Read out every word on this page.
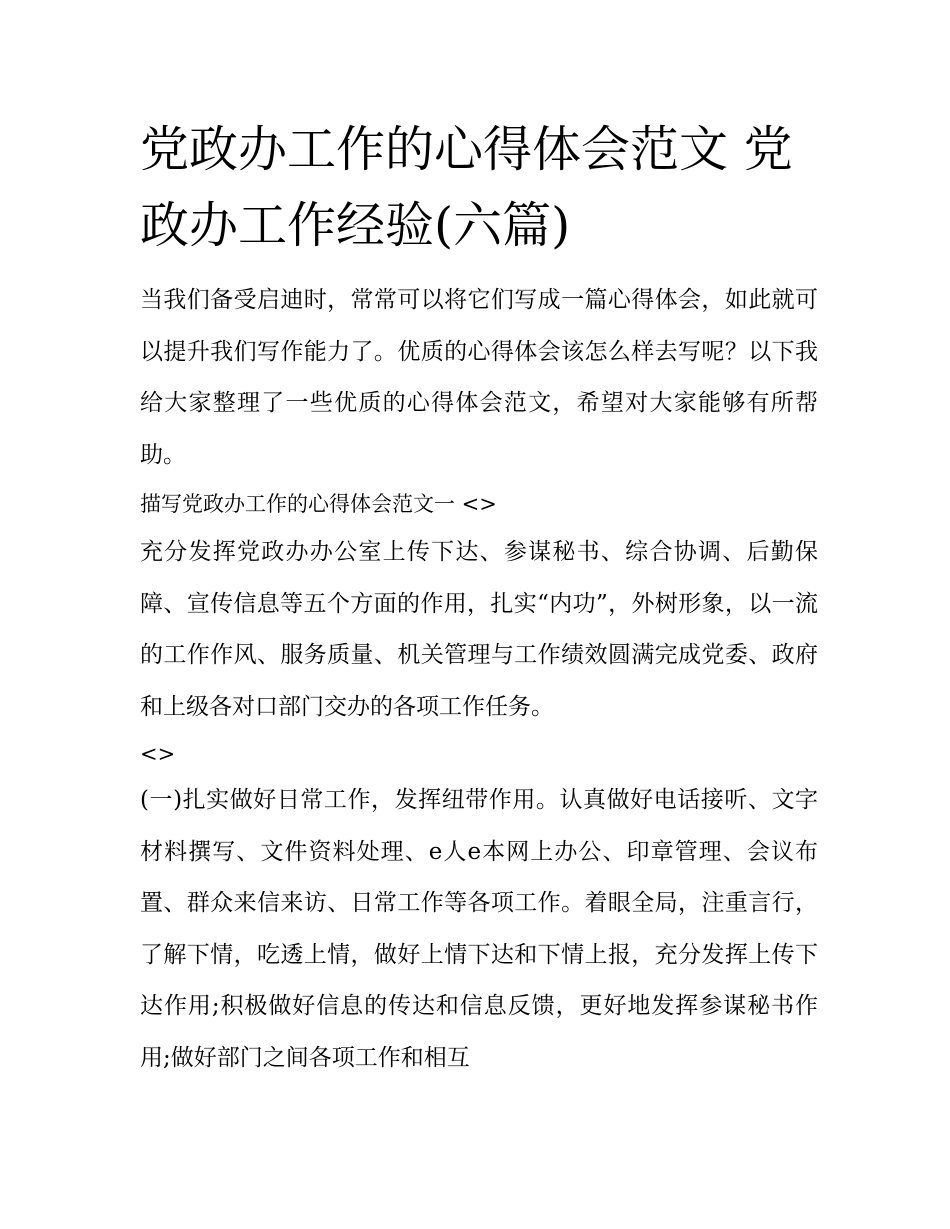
党政办工作的心得体会范文 党政办工作经验(六篇)

当我们备受启迪时，常常可以将它们写成一篇心得体会，如此就可以提升我们写作能力了。优质的心得体会该怎么样去写呢？以下我给大家整理了一些优质的心得体会范文，希望对大家能够有所帮助。

描写党政办工作的心得体会范文一 <>

充分发挥党政办办公室上传下达、参谋秘书、综合协调、后勤保障、宣传信息等五个方面的作用，扎实“内功”，外树形象，以一流的工作作风、服务质量、机关管理与工作绩效圆满完成党委、政府和上级各对口部门交办的各项工作任务。

<>

(一)扎实做好日常工作，发挥纽带作用。认真做好电话接听、文字材料撰写、文件资料处理、e人e本网上办公、印章管理、会议布置、群众来信来访、日常工作等各项工作。着眼全局，注重言行，了解下情，吃透上情，做好上情下达和下情上报，充分发挥上传下达作用;积极做好信息的传达和信息反馈，更好地发挥参谋秘书作用;做好部门之间各项工作和相互
